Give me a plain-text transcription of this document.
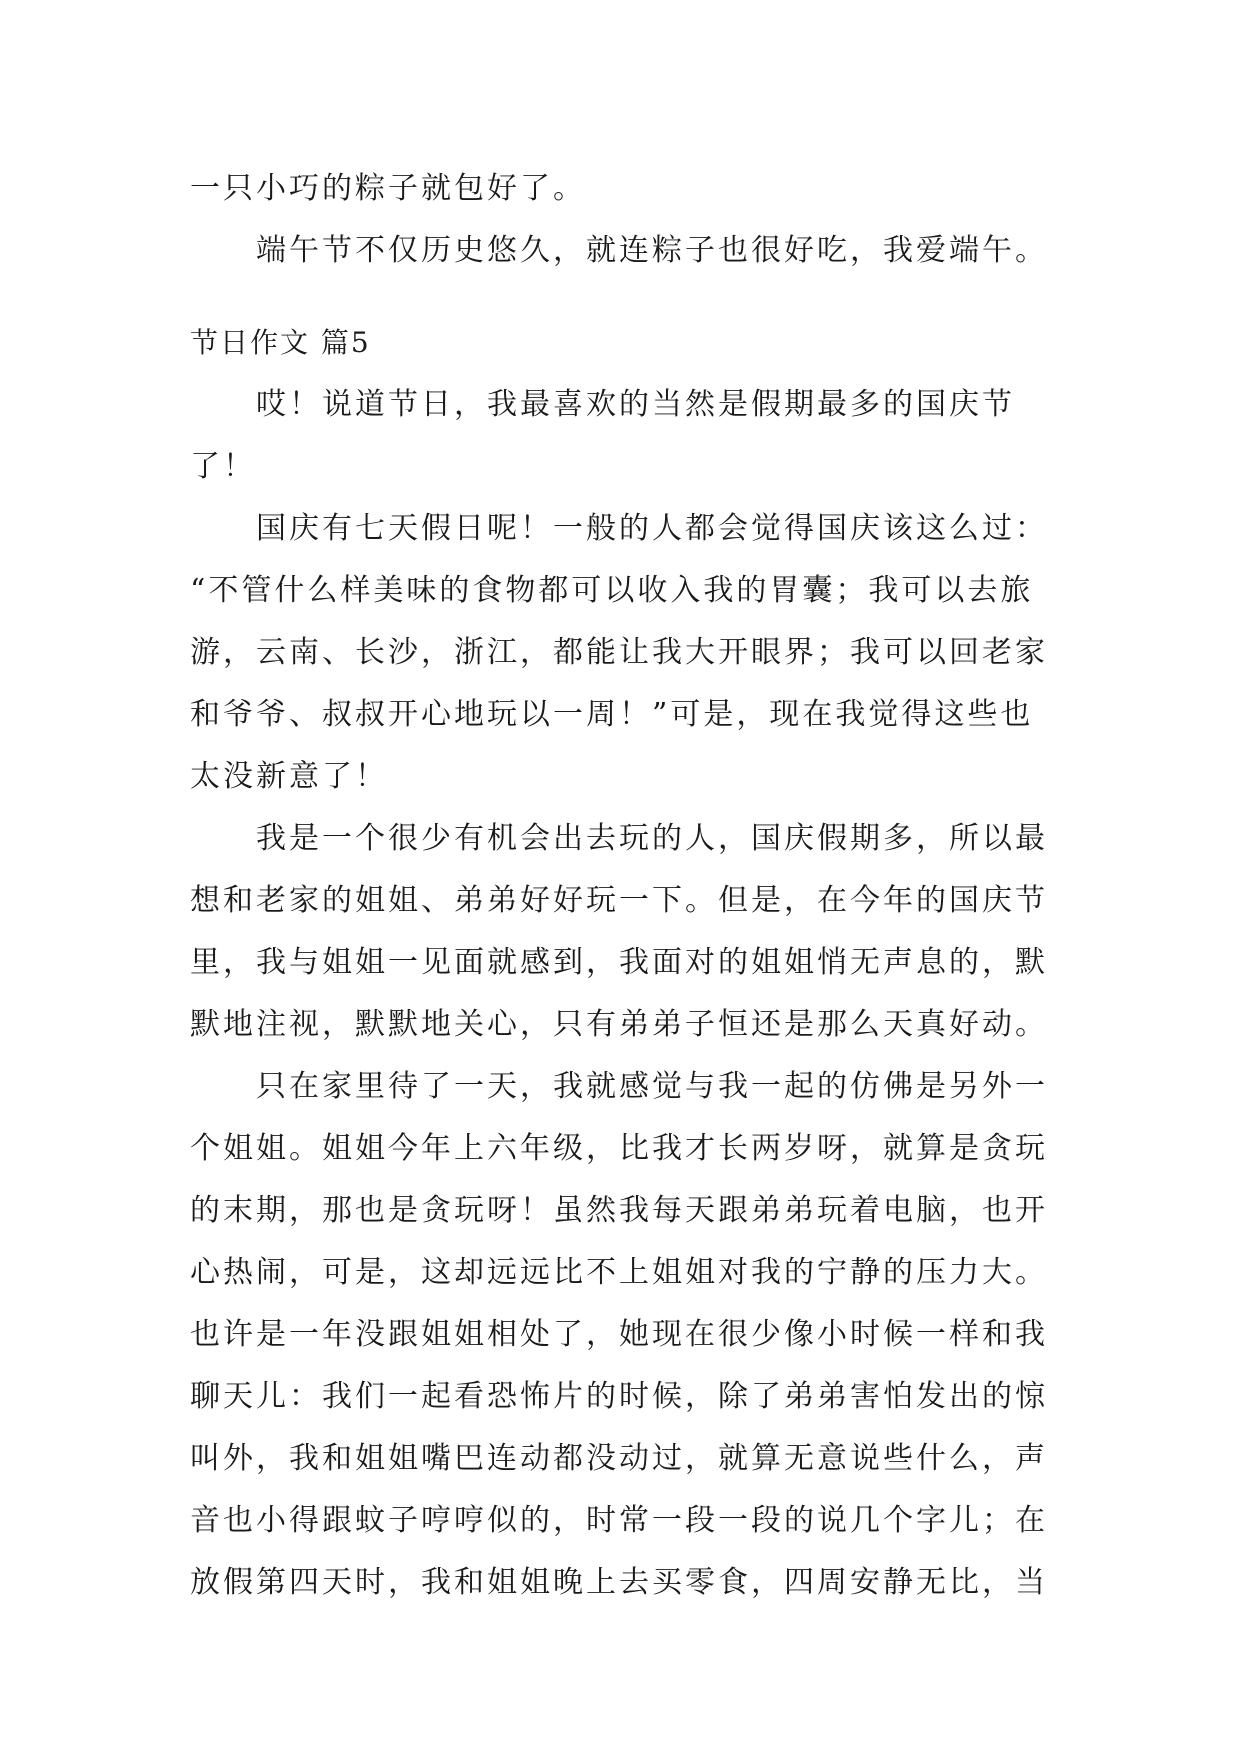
一只小巧的粽子就包好了。
端午节不仅历史悠久，就连粽子也很好吃，我爱端午。
节日作文 篇5
哎！说道节日，我最喜欢的当然是假期最多的国庆节
了！
国庆有七天假日呢！一般的人都会觉得国庆该这么过：
“不管什么样美味的食物都可以收入我的胃囊；我可以去旅
游，云南、长沙，浙江，都能让我大开眼界；我可以回老家
和爷爷、叔叔开心地玩以一周！”可是，现在我觉得这些也
太没新意了！
我是一个很少有机会出去玩的人，国庆假期多，所以最
想和老家的姐姐、弟弟好好玩一下。但是，在今年的国庆节
里，我与姐姐一见面就感到，我面对的姐姐悄无声息的，默
默地注视，默默地关心，只有弟弟子恒还是那么天真好动。
只在家里待了一天，我就感觉与我一起的仿佛是另外一
个姐姐。姐姐今年上六年级，比我才长两岁呀，就算是贪玩
的末期，那也是贪玩呀！虽然我每天跟弟弟玩着电脑，也开
心热闹，可是，这却远远比不上姐姐对我的宁静的压力大。
也许是一年没跟姐姐相处了，她现在很少像小时候一样和我
聊天儿：我们一起看恐怖片的时候，除了弟弟害怕发出的惊
叫外，我和姐姐嘴巴连动都没动过，就算无意说些什么，声
音也小得跟蚊子哼哼似的，时常一段一段的说几个字儿；在
放假第四天时，我和姐姐晚上去买零食，四周安静无比，当
